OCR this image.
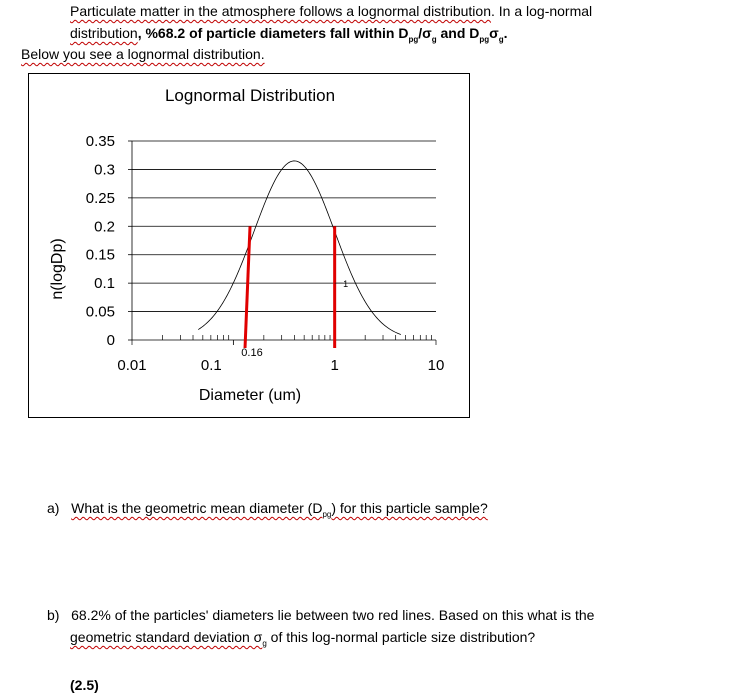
Particulate matter in the atmosphere follows a lognormal distribution. In a log-normal
distribution, %68.2 of particle diameters fall within $D_{pg}/\sigma_g$ and $D_{pg}\sigma_g$.
Below you see a lognormal distribution.
Lognormal Distribution
0.35
0.3
0.25
0.2
0.15
0.1
0.05
0
0.01	0.1	1	10
0.16
1
Diameter (um)
n(logDp)
a) What is the geometric mean diameter $(D_{pg})$ for this particle sample?
b) 68.2% of the particles' diameters lie between two red lines. Based on this what is the
geometric standard deviation $\sigma_g$ of this log-normal particle size distribution?
(2.5)
